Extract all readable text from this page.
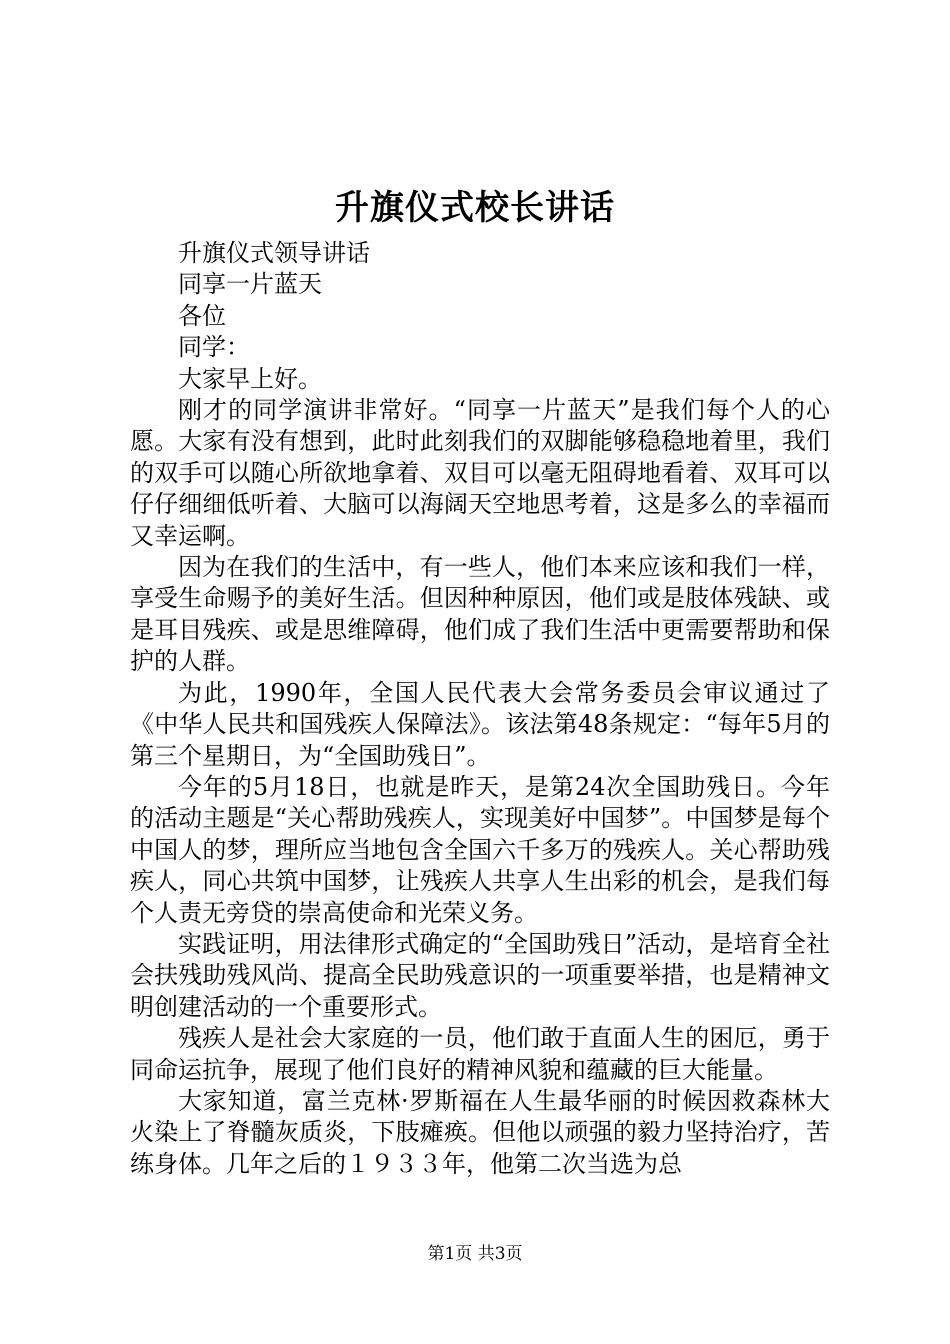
升旗仪式校长讲话

升旗仪式领导讲话

同享一片蓝天

各位

同学：

大家早上好。

刚才的同学演讲非常好。“同享一片蓝天”是我们每个人的心愿。大家有没有想到，此时此刻我们的双脚能够稳稳地着里，我们的双手可以随心所欲地拿着、双目可以毫无阻碍地看着、双耳可以仔仔细细低听着、大脑可以海阔天空地思考着，这是多么的幸福而又幸运啊。

因为在我们的生活中，有一些人，他们本来应该和我们一样，享受生命赐予的美好生活。但因种种原因，他们或是肢体残缺、或是耳目残疾、或是思维障碍，他们成了我们生活中更需要帮助和保护的人群。

为此，1990年，全国人民代表大会常务委员会审议通过了《中华人民共和国残疾人保障法》。该法第48条规定：“每年5月的第三个星期日，为“全国助残日”。

今年的5月18日，也就是昨天，是第24次全国助残日。今年的活动主题是“关心帮助残疾人，实现美好中国梦”。中国梦是每个中国人的梦，理所应当地包含全国六千多万的残疾人。关心帮助残疾人，同心共筑中国梦，让残疾人共享人生出彩的机会，是我们每个人责无旁贷的崇高使命和光荣义务。

实践证明，用法律形式确定的“全国助残日”活动，是培育全社会扶残助残风尚、提高全民助残意识的一项重要举措，也是精神文明创建活动的一个重要形式。

残疾人是社会大家庭的一员，他们敢于直面人生的困厄，勇于同命运抗争，展现了他们良好的精神风貌和蕴藏的巨大能量。

大家知道，富兰克林·罗斯福在人生最华丽的时候因救森林大火染上了脊髓灰质炎，下肢瘫痪。但他以顽强的毅力坚持治疗，苦练身体。几年之后的１９３３年，他第二次当选为总

第1页 共3页
